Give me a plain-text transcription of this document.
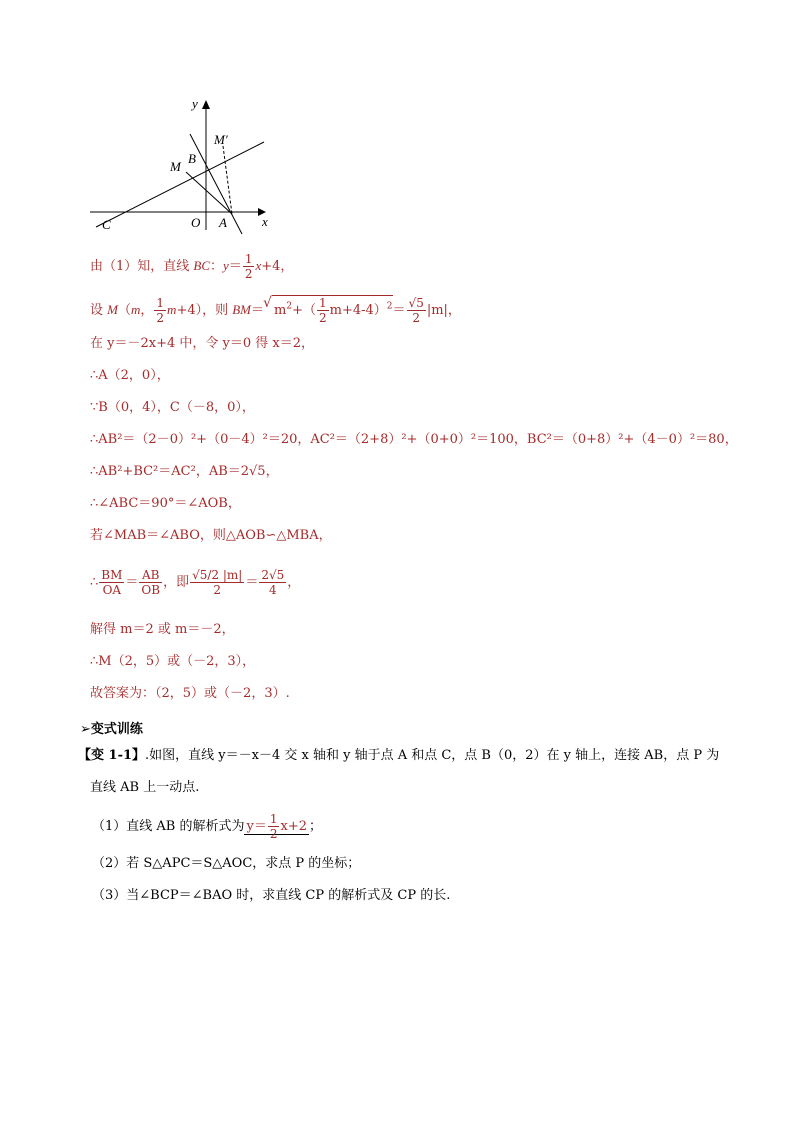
y
x
M′
B
M
C	O A
由（1）知，直线 BC：$y= \frac{1}{2} x+4$，
设 M（m， $\frac{1}{2} m+4$），则 BM＝√ $m^2+( \frac{1}{2} m+4-4)^2= \frac{√5}{2} |m|$，
在 y＝－2x+4 中，令 y＝0 得 x＝2，
∴A（2，0），
∵B（0，4），C（－8，0），
∴AB²＝（2－0）²+（0－4）²＝20，AC²＝（2+8）²+（0+0）²＝100，BC²＝（0+8）²+（4－0）²＝80，
∴AB²+BC²＝AC²，AB＝2√5，
∴∠ABC＝90°＝∠AOB，
若∠MAB＝∠ABO，则△AOB∽△MBA，
∴ $\frac{BM}{OA} = \frac{AB}{OB}$ ，即 $\frac{√5/2 |m|}{2} = \frac{2√5}{4}$ ，
解得 m＝2 或 m＝－2，
∴M（2，5）或（－2，3），
故答案为：（2，5）或（－2，3）.
➢变式训练
【变 1-1】.如图，直线 y＝－x－4 交 x 轴和 y 轴于点 A 和点 C，点 B（0，2）在 y 轴上，连接 AB，点 P 为
直线 AB 上一动点.
（1）直线 AB 的解析式为 $y= \frac{1}{2} x+2$ ；
（2）若 S△APC＝S△AOC，求点 P 的坐标；
（3）当∠BCP＝∠BAO 时，求直线 CP 的解析式及 CP 的长.
